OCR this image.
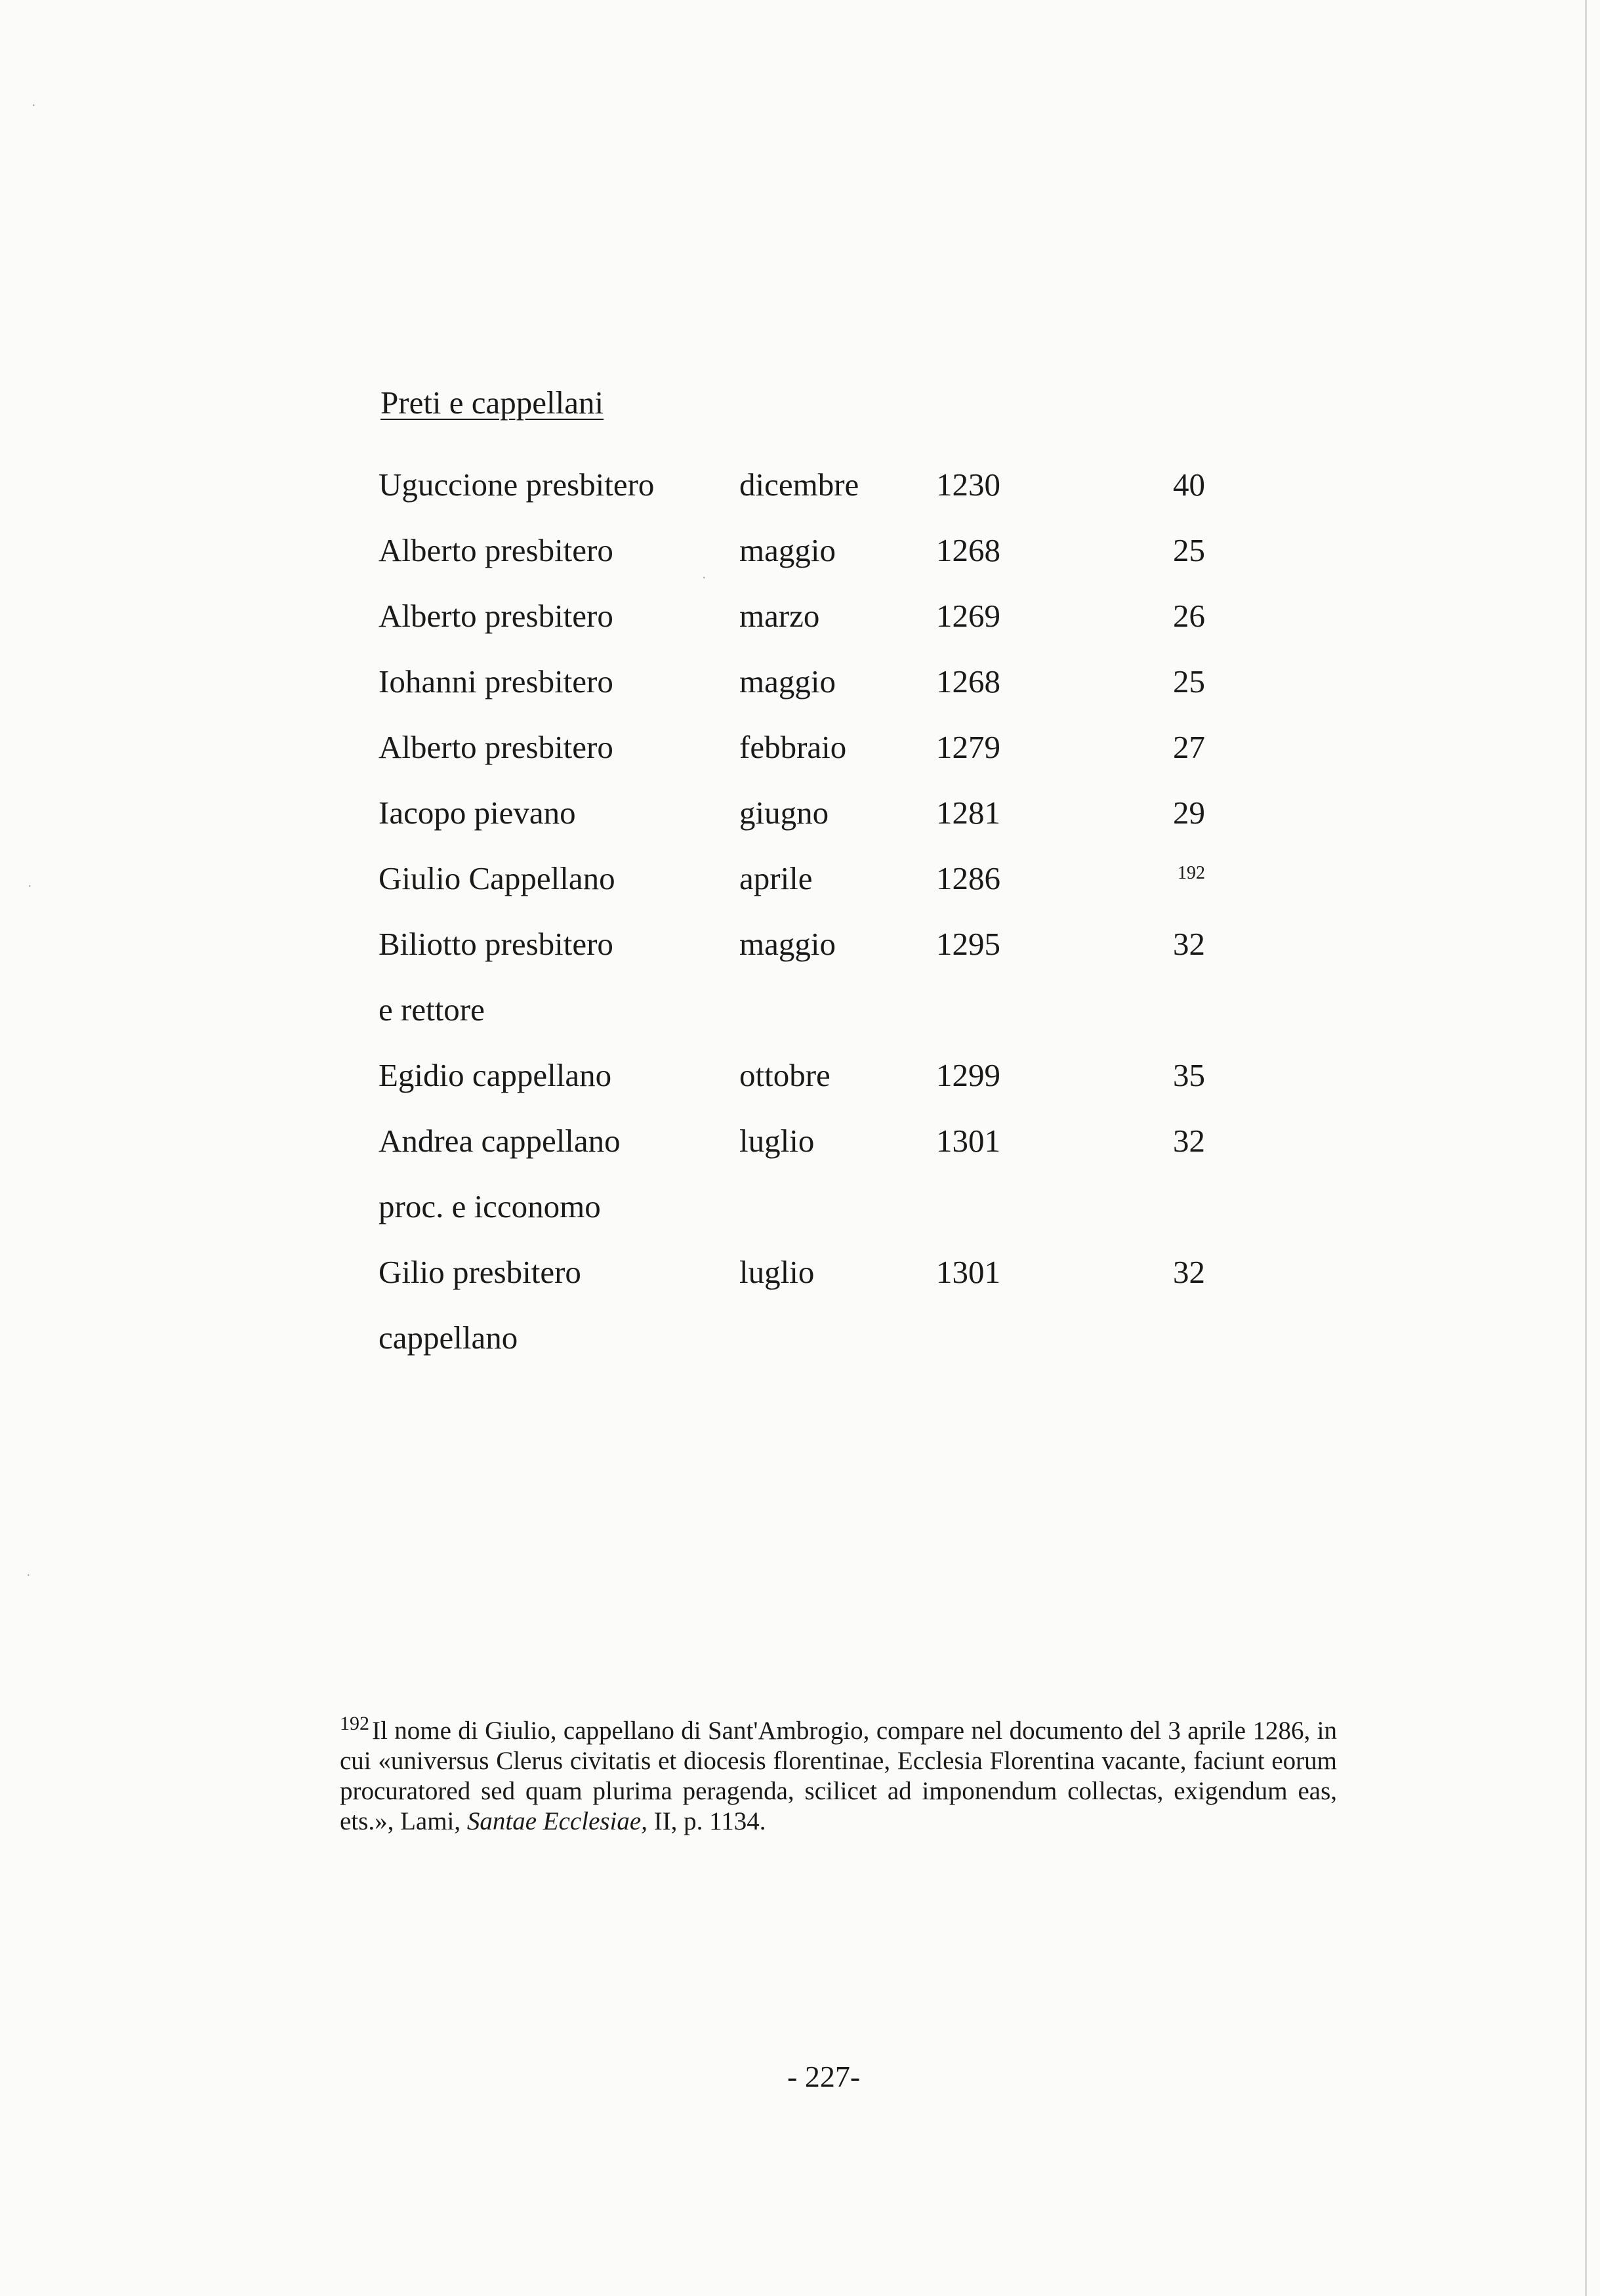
Preti e cappellani
Uguccione presbitero	dicembre	1230	40
Alberto presbitero	maggio	1268	25
Alberto presbitero	marzo	1269	26
Iohanni presbitero	maggio	1268	25
Alberto presbitero	febbraio	1279	27
Iacopo pievano	giugno	1281	29
Giulio Cappellano	aprile	1286	192
Biliotto presbitero	maggio	1295	32
e rettore
Egidio cappellano	ottobre	1299	35
Andrea cappellano	luglio	1301	32
proc. e icconomo
Gilio presbitero	luglio	1301	32
cappellano

$^{192}$ Il nome di Giulio, cappellano di Sant'Ambrogio, compare nel documento del 3 aprile 1286, in cui «universus Clerus civitatis et diocesis florentinae, Ecclesia Florentina vacante, faciunt eorum procuratored sed quam plurima peragenda, scilicet ad imponendum collectas, exigendum eas, ets.», Lami, Santae Ecclesiae, II, p. 1134.

- 227-

·
·
·
·
